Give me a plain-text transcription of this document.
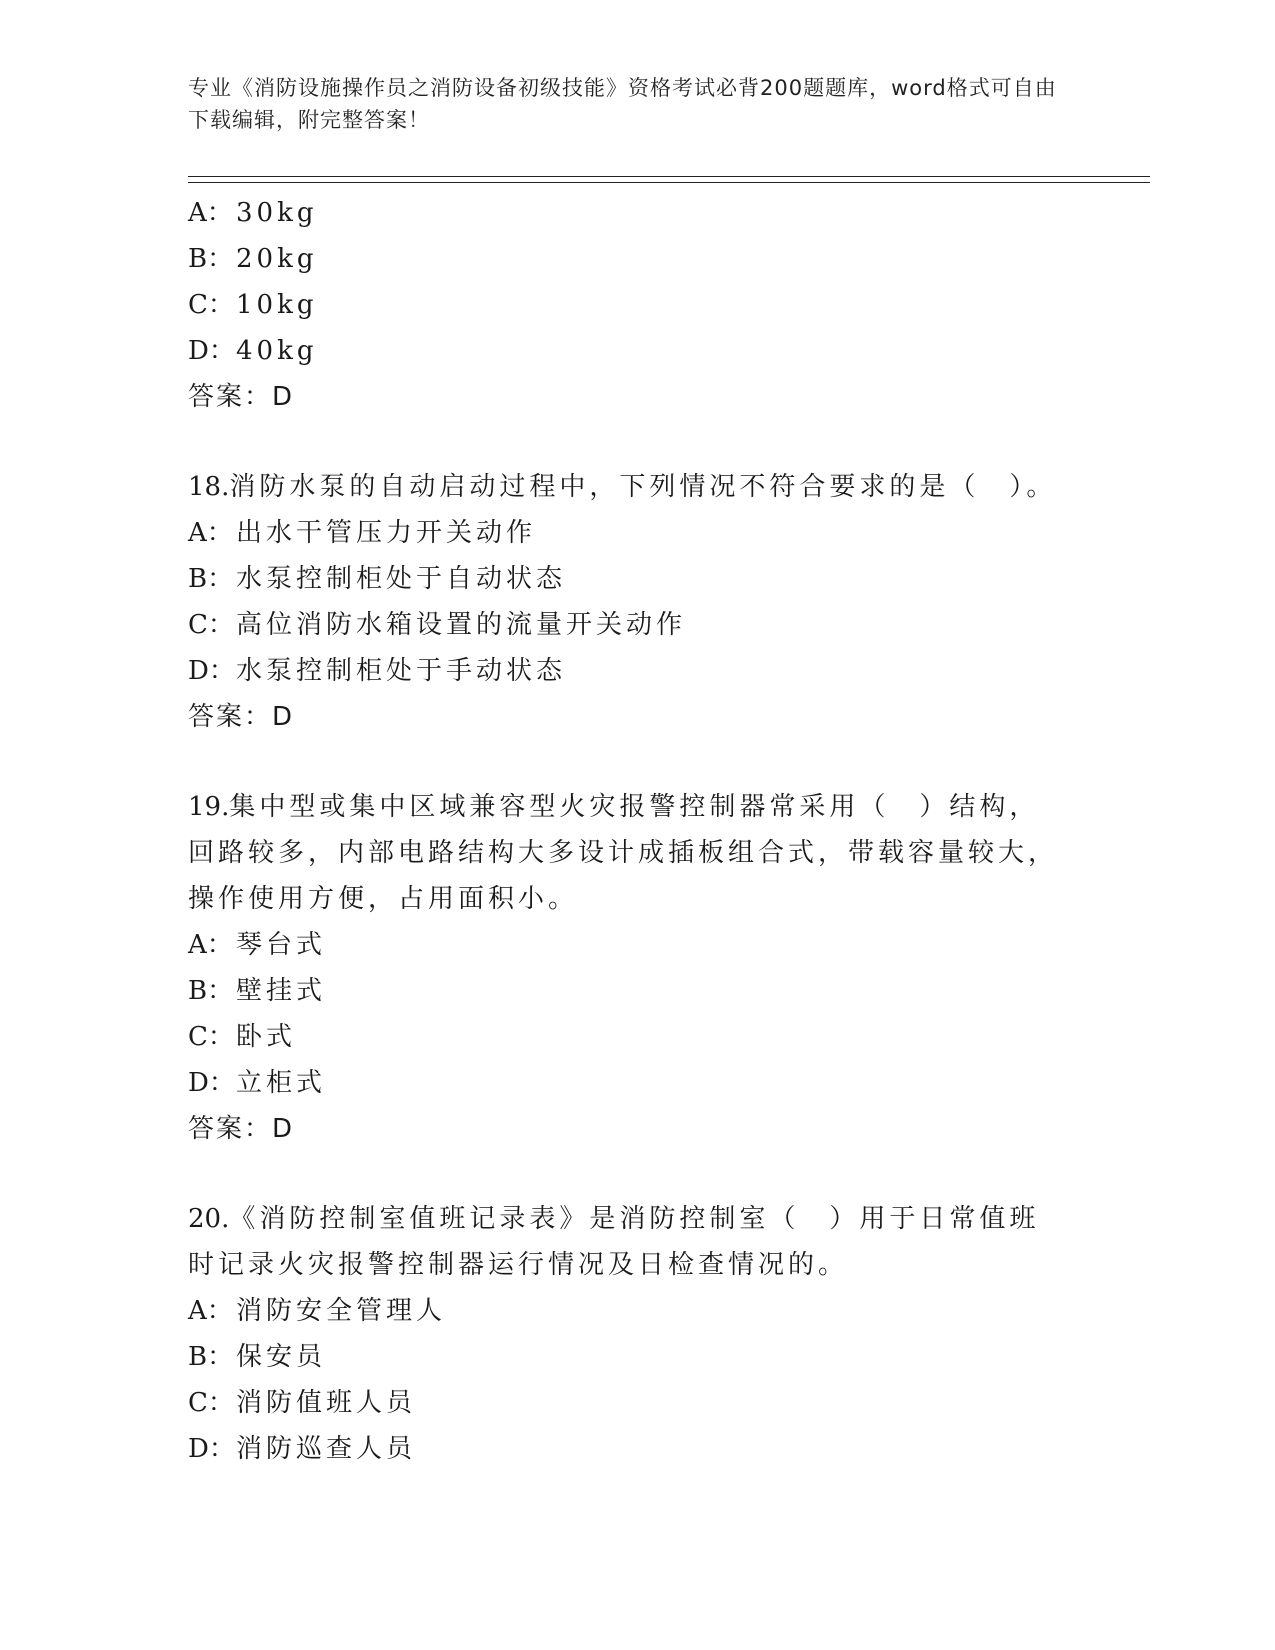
专业《消防设施操作员之消防设备初级技能》资格考试必背200题题库，word格式可自由下载编辑，附完整答案！
A： 30kg
B： 20kg
C：10kg
D：40kg
答案：D
18.消防水泵的自动启动过程中，下列情况不符合要求的是（　）。
A： 出水干管压力开关动作
B： 水泵控制柜处于自动状态
C：高位消防水箱设置的流量开关动作
D：水泵控制柜处于手动状态
答案：D
19.集中型或集中区域兼容型火灾报警控制器常采用（　）结构，回路较多，内部电路结构大多设计成插板组合式，带载容量较大，操作使用方便，占用面积小。
A： 琴台式
B： 壁挂式
C：卧式
D：立柜式
答案：D
20.《消防控制室值班记录表》是消防控制室（　）用于日常值班时记录火灾报警控制器运行情况及日检查情况的。
A： 消防安全管理人
B： 保安员
C：消防值班人员
D：消防巡查人员
